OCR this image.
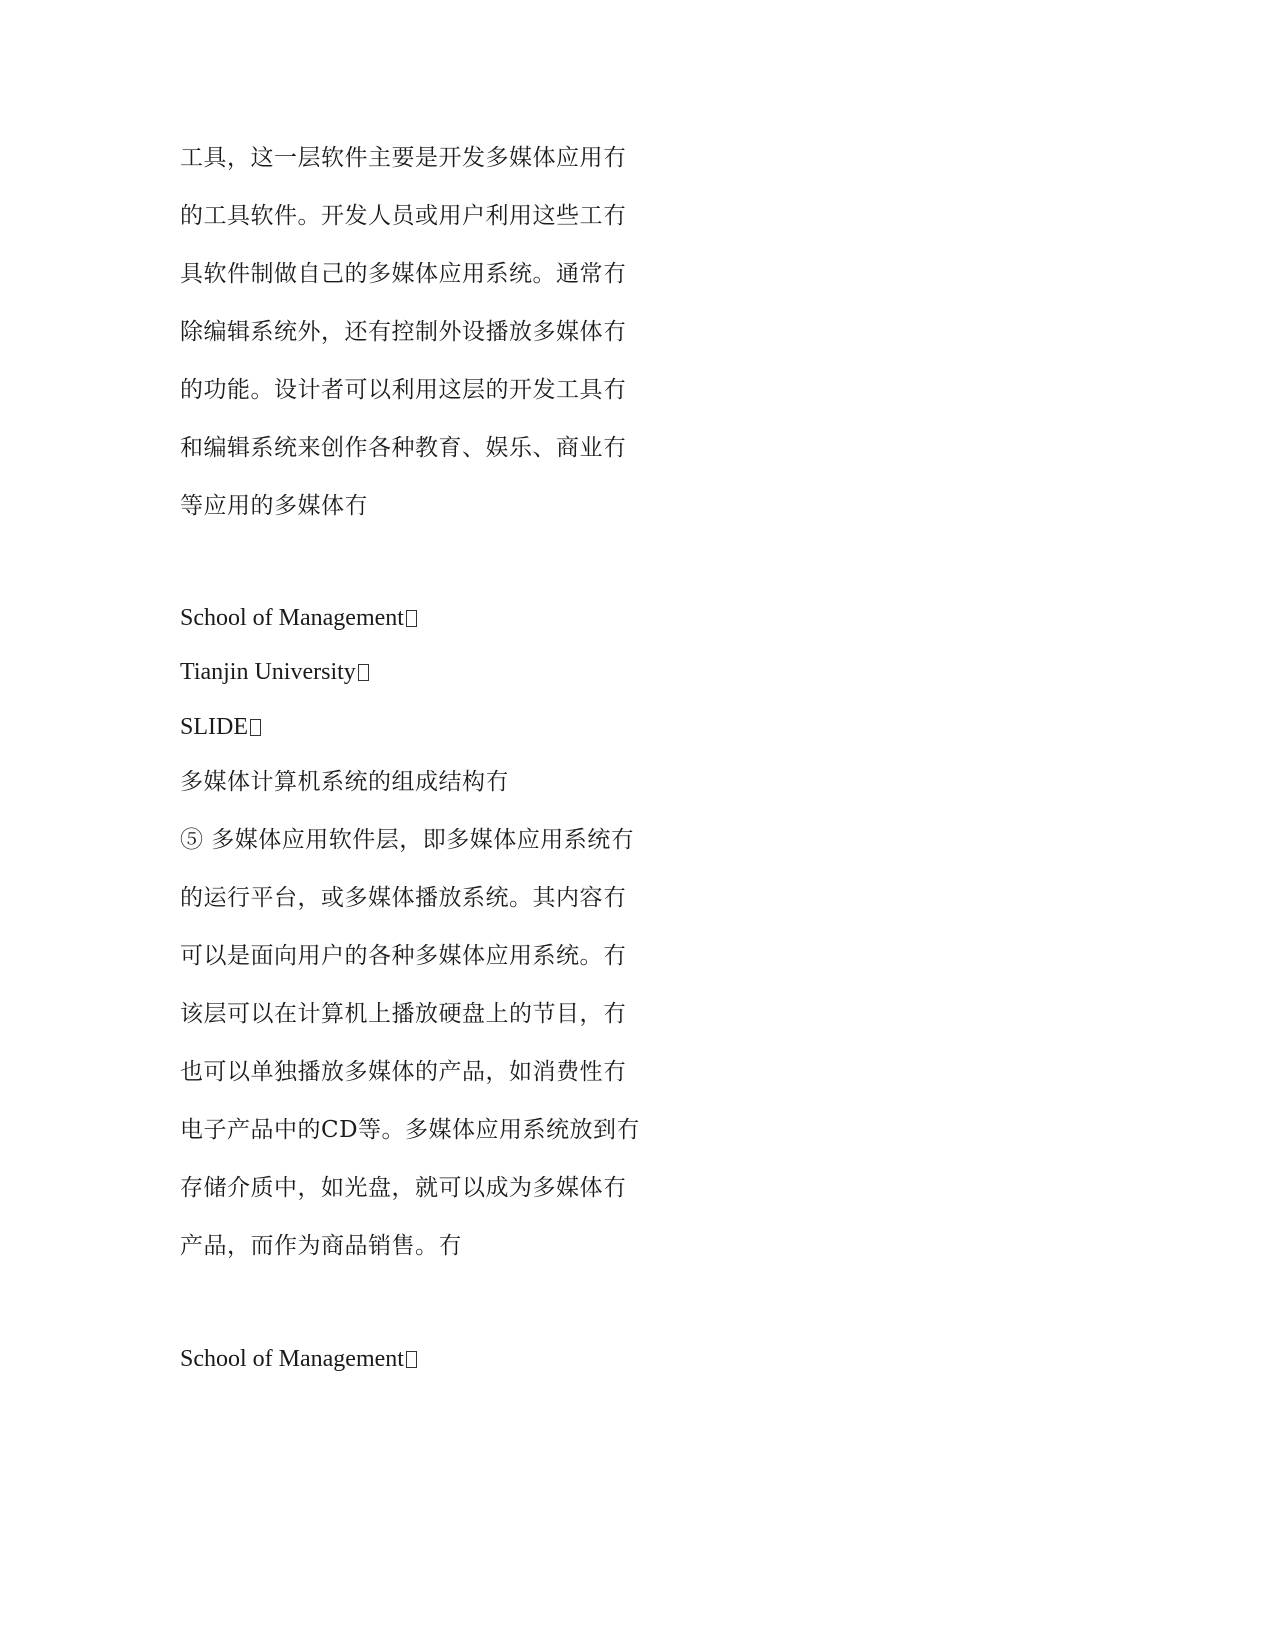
工具，这一层软件主要是开发多媒体应用冇
的工具软件。开发人员或用户利用这些工冇
具软件制做自己的多媒体应用系统。通常冇
除编辑系统外，还有控制外设播放多媒体冇
的功能。设计者可以利用这层的开发工具冇
和编辑系统来创作各种教育、娱乐、商业冇
等应用的多媒体冇
School of Management
Tianjin University
SLIDE
多媒体计算机系统的组成结构冇
⑤ 多媒体应用软件层，即多媒体应用系统冇
的运行平台，或多媒体播放系统。其内容冇
可以是面向用户的各种多媒体应用系统。冇
该层可以在计算机上播放硬盘上的节目，冇
也可以单独播放多媒体的产品，如消费性冇
电子产品中的CD等。多媒体应用系统放到冇
存储介质中，如光盘，就可以成为多媒体冇
产品，而作为商品销售。冇
School of Management
